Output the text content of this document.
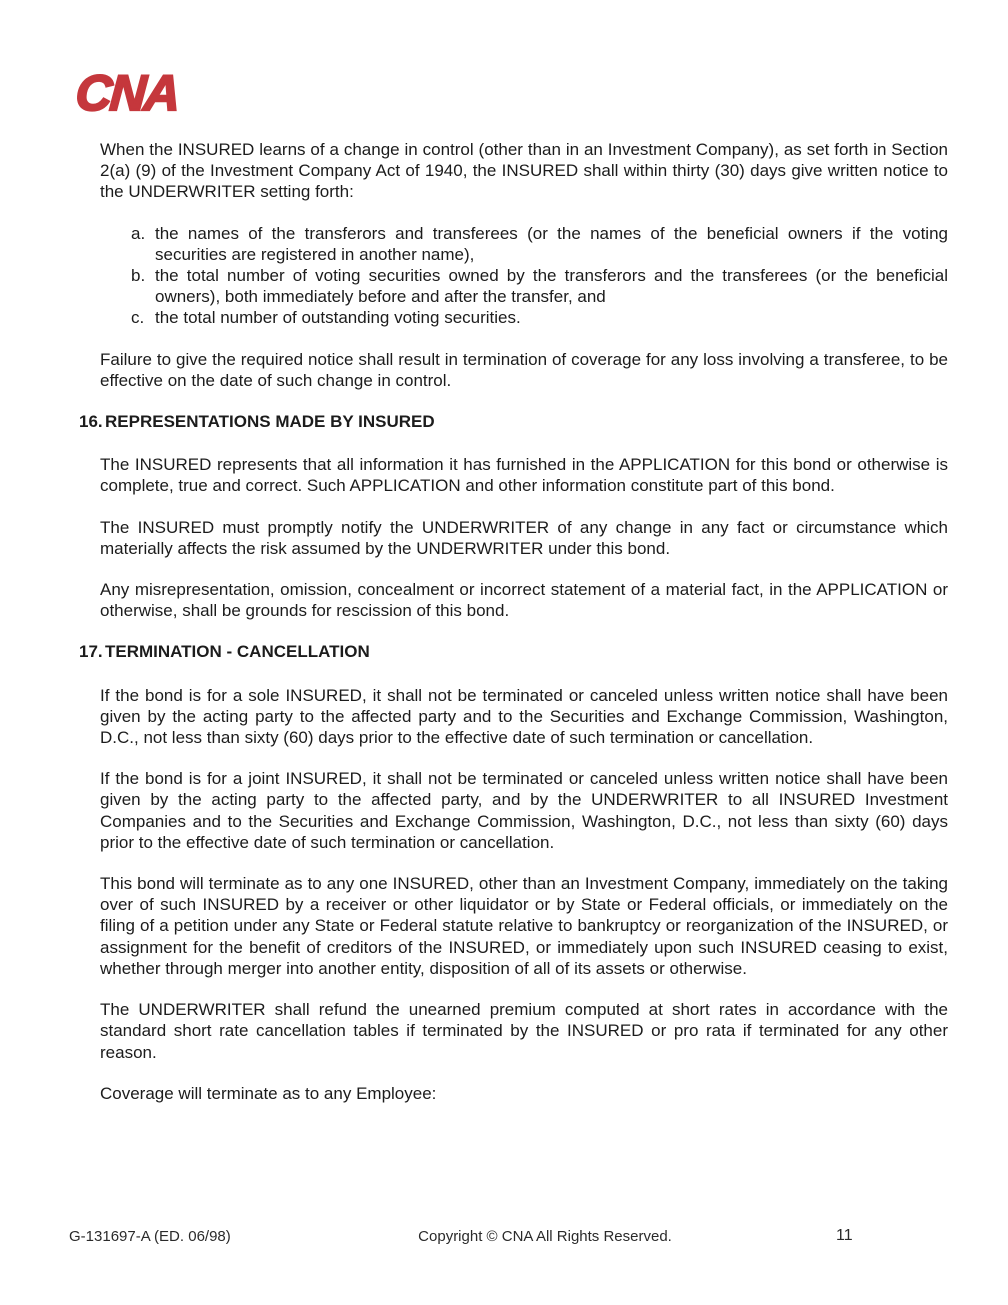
CNA

When the INSURED learns of a change in control (other than in an Investment Company), as set forth in Section 2(a) (9) of the Investment Company Act of 1940, the INSURED shall within thirty (30) days give written notice to the UNDERWRITER setting forth:

a. the names of the transferors and transferees (or the names of the beneficial owners if the voting securities are registered in another name),
b. the total number of voting securities owned by the transferors and the transferees (or the beneficial owners), both immediately before and after the transfer, and
c. the total number of outstanding voting securities.

Failure to give the required notice shall result in termination of coverage for any loss involving a transferee, to be effective on the date of such change in control.

16. REPRESENTATIONS MADE BY INSURED

The INSURED represents that all information it has furnished in the APPLICATION for this bond or otherwise is complete, true and correct. Such APPLICATION and other information constitute part of this bond.

The INSURED must promptly notify the UNDERWRITER of any change in any fact or circumstance which materially affects the risk assumed by the UNDERWRITER under this bond.

Any misrepresentation, omission, concealment or incorrect statement of a material fact, in the APPLICATION or otherwise, shall be grounds for rescission of this bond.

17. TERMINATION - CANCELLATION

If the bond is for a sole INSURED, it shall not be terminated or canceled unless written notice shall have been given by the acting party to the affected party and to the Securities and Exchange Commission, Washington, D.C., not less than sixty (60) days prior to the effective date of such termination or cancellation.

If the bond is for a joint INSURED, it shall not be terminated or canceled unless written notice shall have been given by the acting party to the affected party, and by the UNDERWRITER to all INSURED Investment Companies and to the Securities and Exchange Commission, Washington, D.C., not less than sixty (60) days prior to the effective date of such termination or cancellation.

This bond will terminate as to any one INSURED, other than an Investment Company, immediately on the taking over of such INSURED by a receiver or other liquidator or by State or Federal officials, or immediately on the filing of a petition under any State or Federal statute relative to bankruptcy or reorganization of the INSURED, or assignment for the benefit of creditors of the INSURED, or immediately upon such INSURED ceasing to exist, whether through merger into another entity, disposition of all of its assets or otherwise.

The UNDERWRITER shall refund the unearned premium computed at short rates in accordance with the standard short rate cancellation tables if terminated by the INSURED or pro rata if terminated for any other reason.

Coverage will terminate as to any Employee:

G-131697-A (ED. 06/98)	Copyright © CNA All Rights Reserved.	11
